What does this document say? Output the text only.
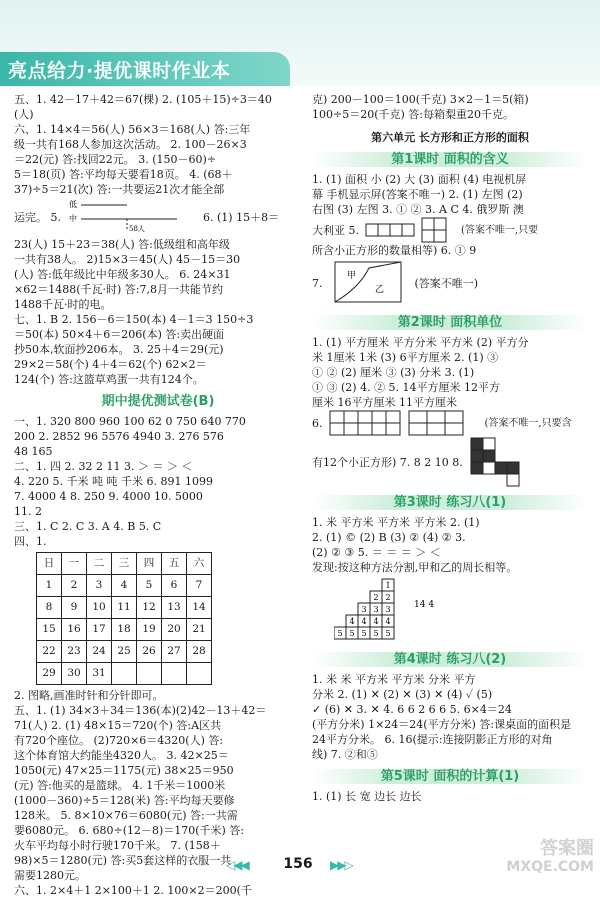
亮点给力·提优课时作业本

五、1. 42－17＋42＝67(棵) 2. (105＋15)÷3＝40

(人)

六、1. 14×4＝56(人) 56×3＝168(人) 答:三年

级一共有168人参加这次活动。 2. 100－26×3

＝22(元) 答:找回22元。 3. (150－60)÷

5＝18(页) 答:平均每天要看18页。 4. (68＋

37)÷5＝21(次) 答:一共要运21次才能全部

运完。 5.
低
中
58人
6. (1) 15＋8＝

23(人) 15＋23＝38(人) 答:低级组和高年级

一共有38人。 2)15×3＝45(人) 45－15＝30

(人) 答:低年级比中年级多30人。 6. 24×31

×62＝1488(千瓦·时) 答:7,8月一共能节约

1488千瓦·时的电。

七、1. B 2. 156－6＝150(本) 4－1＝3 150÷3

＝50(本) 50×4＋6＝206(本) 答:卖出硬面

抄50本,软面抄206本。 3. 25＋4＝29(元)

29×2＝58(个) 4＋4＝62(个) 62×2＝

124(个) 答:这篮草鸡蛋一共有124个。

期中提优测试卷(B)

一、1. 320 800 960 100 62 0 750 640 770

200 2. 2852 96 5576 4940 3. 276 576

48 165

二、1. 四 2. 32 2 11 3. ＞ ＝ ＞ ＜

4. 220 5. 千米 吨 吨 千米 6. 891 1099

7. 4000 4 8. 250 9. 4000 10. 5000

11. 2

三、1. C 2. C 3. A 4. B 5. C

四、1.

日	一	二	三	四	五	六
1	2	3	4	5	6	7
8	9	10	11	12	13	14
15	16	17	18	19	20	21
22	23	24	25	26	27	28
29	30	31				

2. 图略,画准时针和分针即可。

五、1. (1) 34×3＋34＝136(本)(2)42－13＋42＝

71(人) 2. (1) 48×15＝720(个) 答:A区共

有720个座位。 (2)720×6＝4320(人) 答:

这个体育馆大约能坐4320人。 3. 42×25＝

1050(元) 47×25＝1175(元) 38×25＝950

(元) 答:他买的是篮球。 4. 1千米＝1000米

(1000－360)÷5＝128(米) 答:平均每天要修

128米。 5. 8×10×76＝6080(元) 答:一共需

要6080元。 6. 680÷(12－8)＝170(千米) 答:

火车平均每小时行驶170千米。 7. (158＋

98)×5＝1280(元) 答:买5套这样的衣服一共

需要1280元。

六、1. 2×4＋1 2×100＋1 2. 100×2＝200(千

克) 200－100＝100(千克) 3×2－1＝5(箱)

100÷5＝20(千克) 答:每箱梨重20千克。

第六单元 长方形和正方形的面积
第1课时 面积的含义

1. (1) 面积 小 (2) 大 (3) 面积 (4) 电视机屏

幕 手机显示屏(答案不唯一) 2. (1) 左图 (2)

右图 (3) 左图 3. ① ② 3. A C 4. 俄罗斯 澳

大利亚 5.	(答案不唯一,只要

所含小正方形的数量相等) 6. ① 9

7.
甲
乙
(答案不唯一)
第2课时 面积单位

1. (1) 平方厘米 平方分米 平方米 (2) 平方分

米 1厘米 1米 (3) 6平方厘米 2. (1) ③

① ② (2) 厘米 ③ (3) 分米 3. (1)

① ③ (2) 4. ② 5. 14平方厘米 12平方

厘米 16平方厘米 11平方厘米

6.	(答案不唯一,只要含
有12个小正方形) 7. 8 2 10 8.
第3课时 练习八(1)

1. 米 平方米 平方米 平方米 2. (1)

2. (1) © (2) B (3) ② (4) ② 3.

(2) ② ③ 5. ＝ ＝ ＝ ＞ ＜

发现:按这种方法分割,甲和乙的周长相等。

1
2 2
3 3 3
4 4 4 4
5 5 5 5 5
14 4
第4课时 练习八(2)

1. 米 米 平方米 平方米 分米 平方

分米 2. (1) ✕ (2) ✕ (3) ✕ (4) ✓ (5)

✓ (6) ✕ 3. ✕ 4. 6 6 2 6 6 5. 6×4＝24

(平方分米) 1×24＝24(平方分米) 答:课桌面的面积是

24平方分米。 6. 16(提示:连接阴影正方形的对角

线) 7. ②和⑤

第5课时 面积的计算(1)

1. (1) 长 宽 边长 边长

◁◀◀	156	▶▶▷
答案圈
MXQE.COM
